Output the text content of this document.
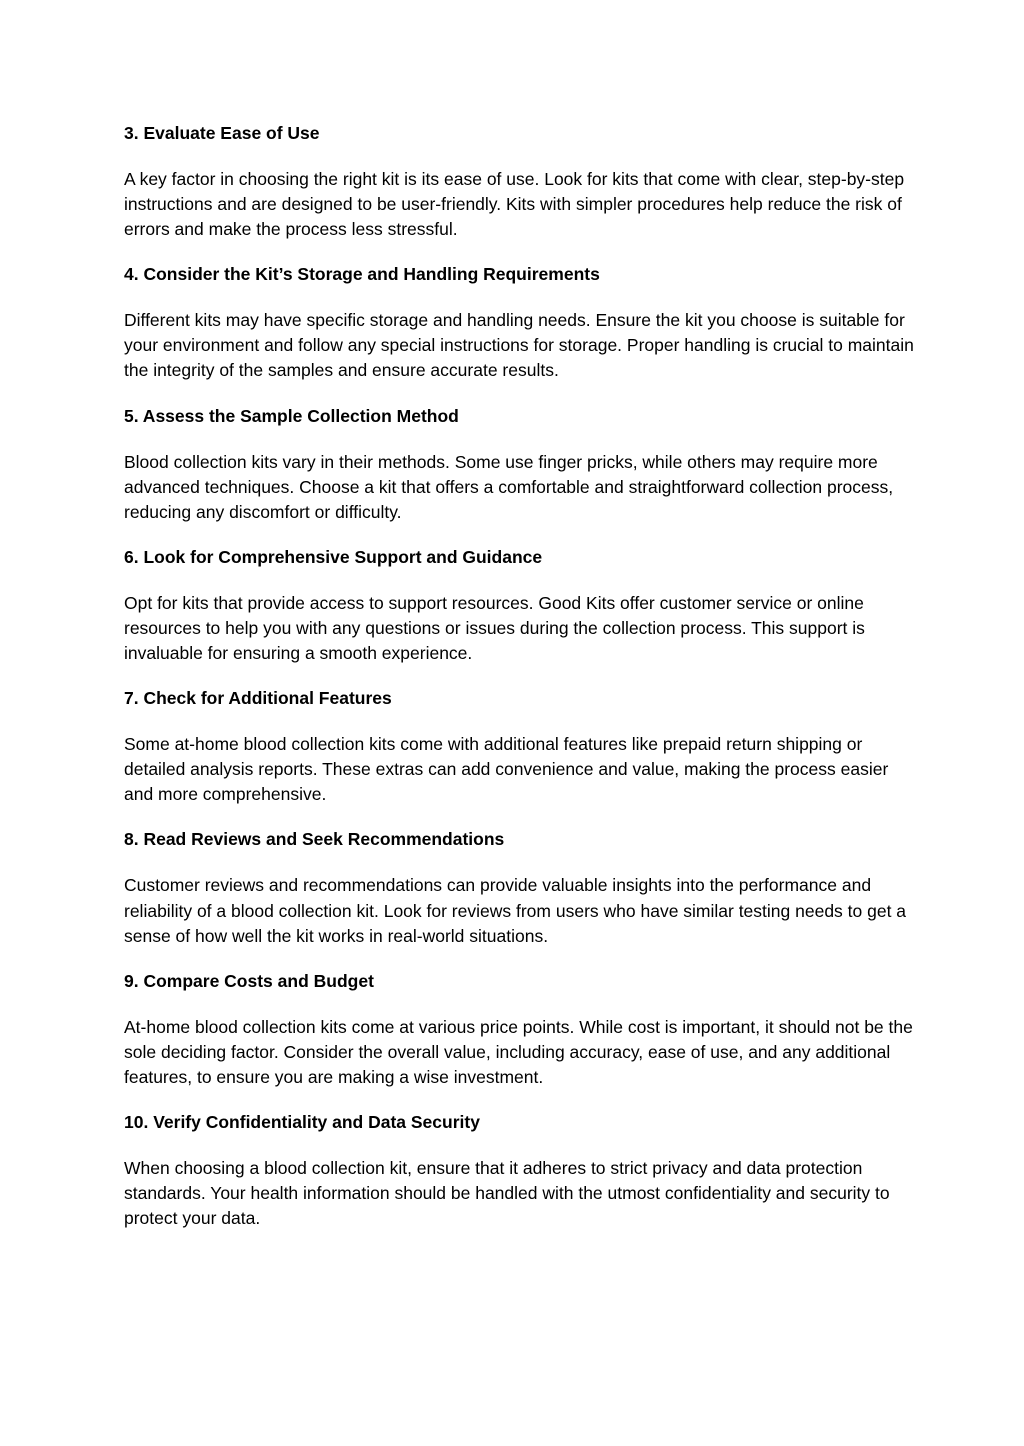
3. Evaluate Ease of Use

A key factor in choosing the right kit is its ease of use. Look for kits that come with clear, step-by-step instructions and are designed to be user-friendly. Kits with simpler procedures help reduce the risk of errors and make the process less stressful.

4. Consider the Kit’s Storage and Handling Requirements

Different kits may have specific storage and handling needs. Ensure the kit you choose is suitable for your environment and follow any special instructions for storage. Proper handling is crucial to maintain the integrity of the samples and ensure accurate results.

5. Assess the Sample Collection Method

Blood collection kits vary in their methods. Some use finger pricks, while others may require more advanced techniques. Choose a kit that offers a comfortable and straightforward collection process, reducing any discomfort or difficulty.

6. Look for Comprehensive Support and Guidance

Opt for kits that provide access to support resources. Good Kits offer customer service or online resources to help you with any questions or issues during the collection process. This support is invaluable for ensuring a smooth experience.

7. Check for Additional Features

Some at-home blood collection kits come with additional features like prepaid return shipping or detailed analysis reports. These extras can add convenience and value, making the process easier and more comprehensive.

8. Read Reviews and Seek Recommendations

Customer reviews and recommendations can provide valuable insights into the performance and reliability of a blood collection kit. Look for reviews from users who have similar testing needs to get a sense of how well the kit works in real-world situations.

9. Compare Costs and Budget

At-home blood collection kits come at various price points. While cost is important, it should not be the sole deciding factor. Consider the overall value, including accuracy, ease of use, and any additional features, to ensure you are making a wise investment.

10. Verify Confidentiality and Data Security

When choosing a blood collection kit, ensure that it adheres to strict privacy and data protection standards. Your health information should be handled with the utmost confidentiality and security to protect your data.
